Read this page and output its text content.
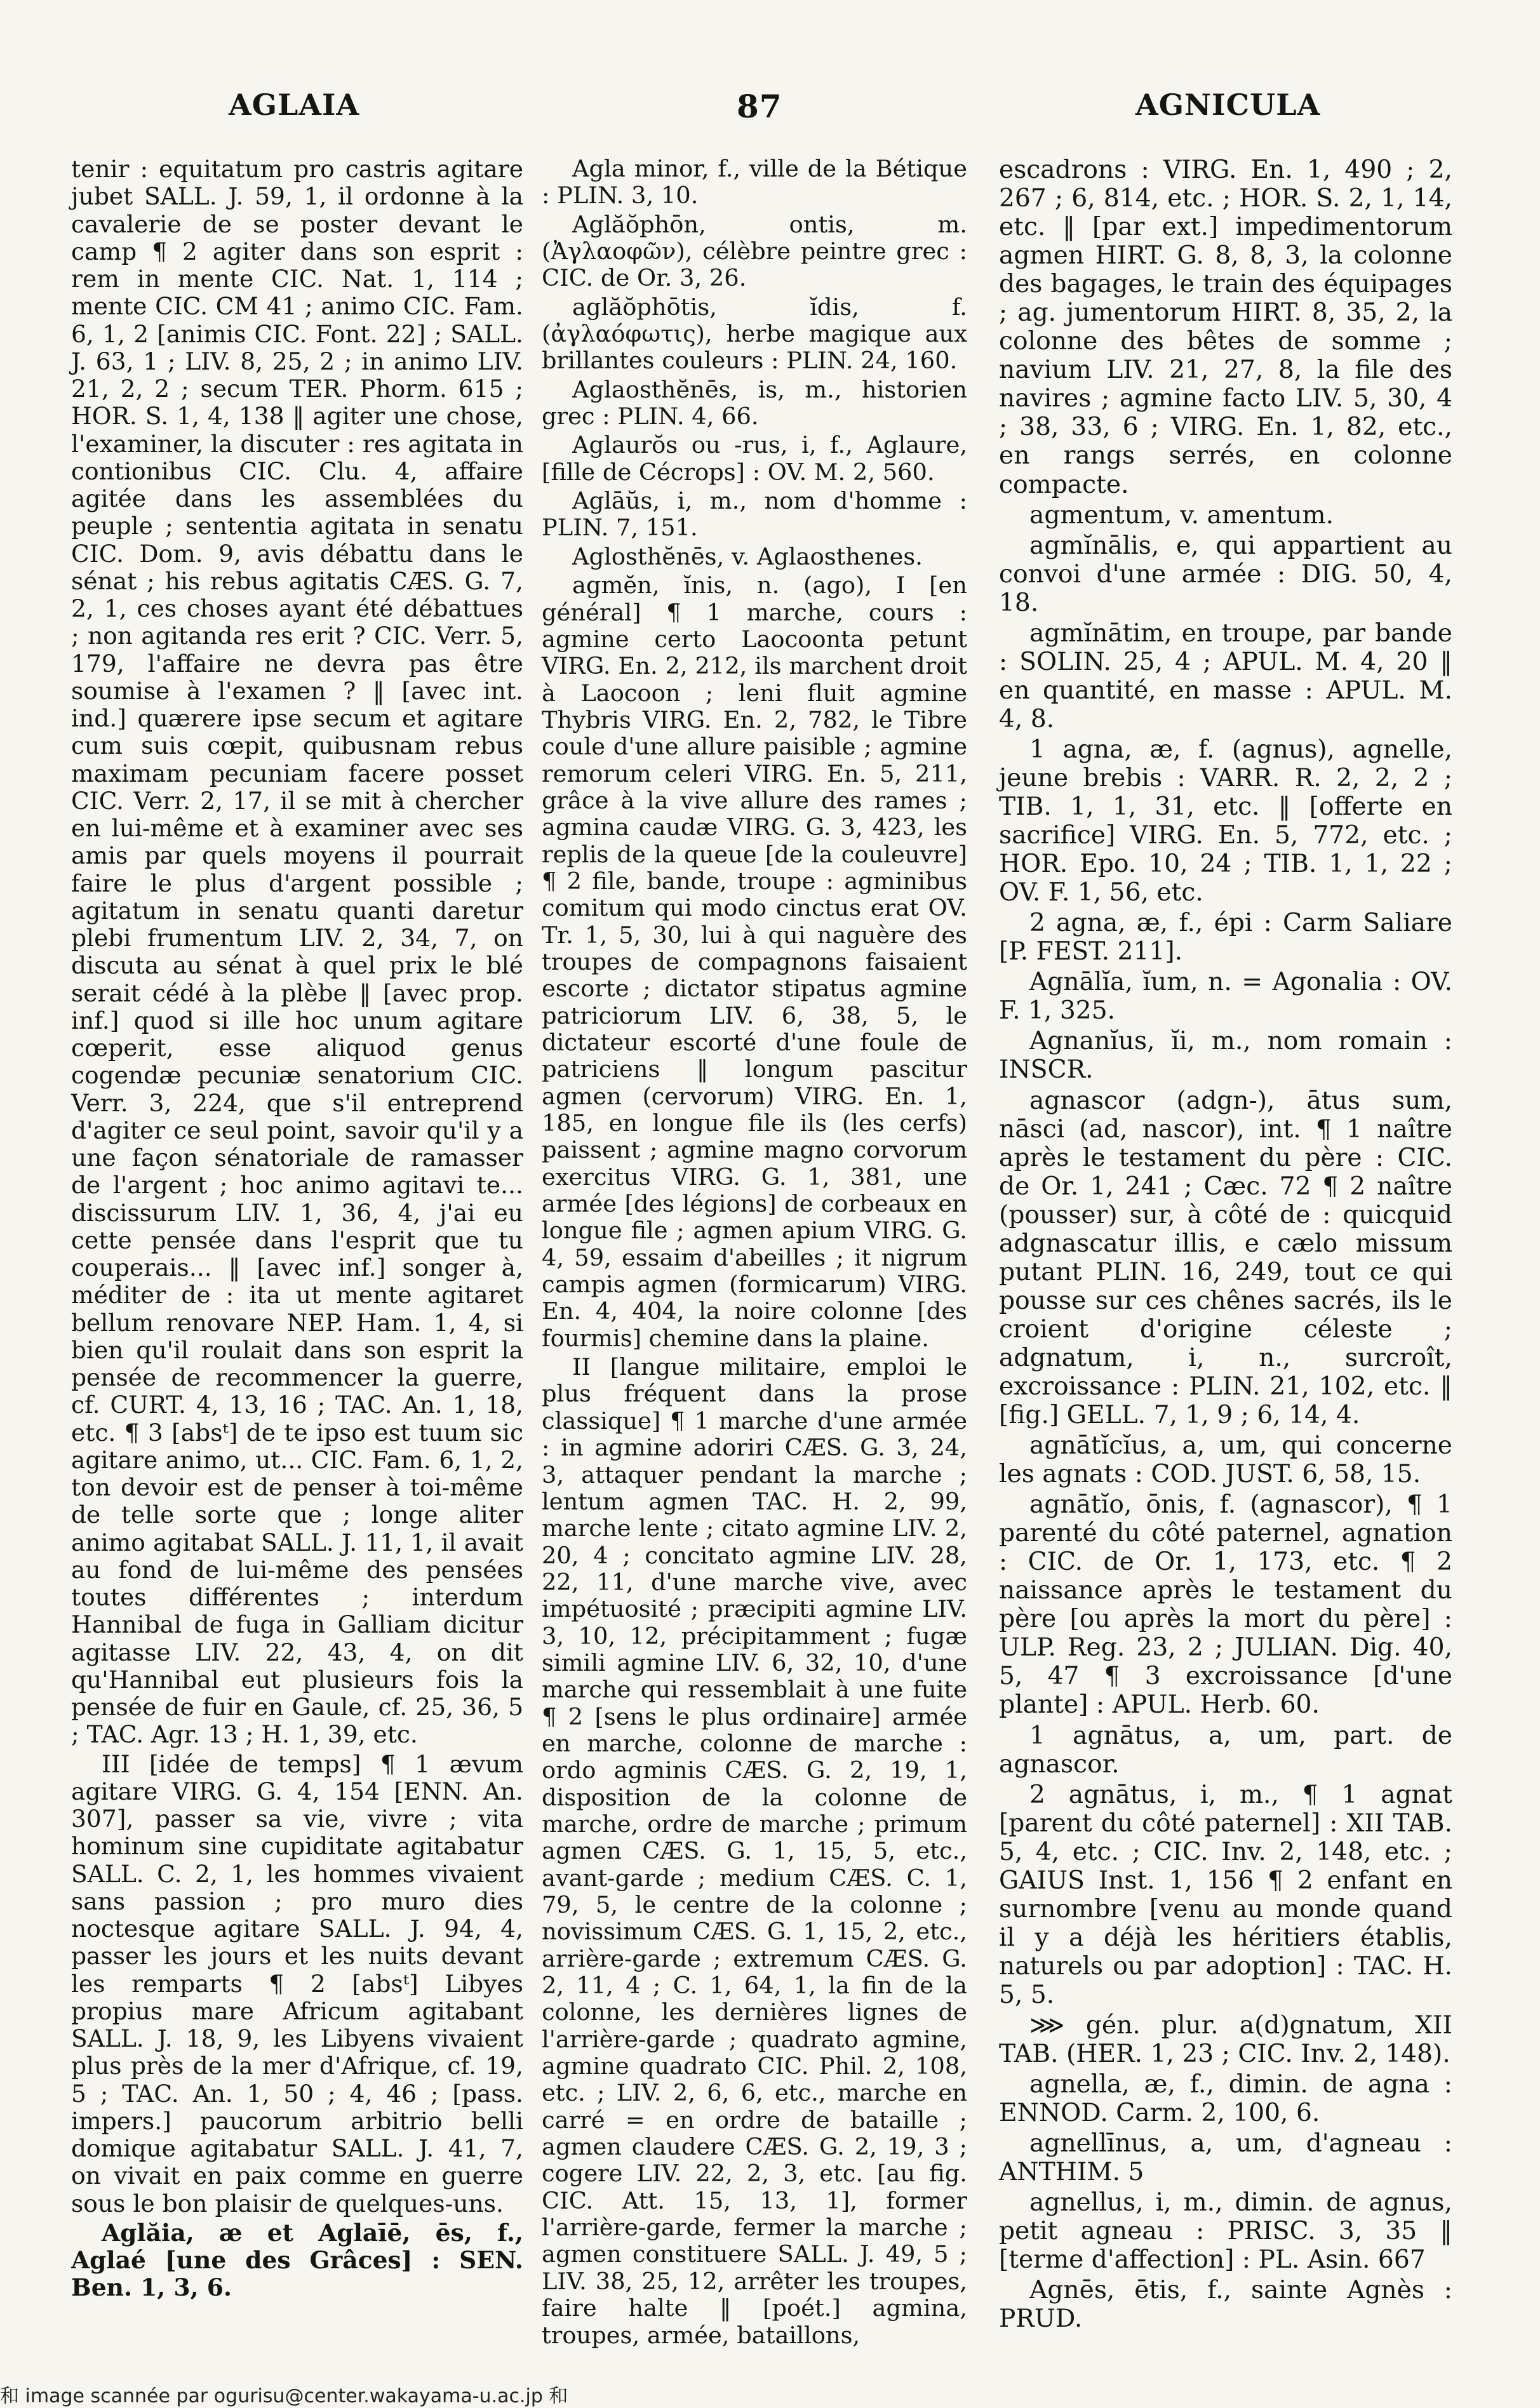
AGLAIA	87	AGNICULA

tenir : equitatum pro castris agitare jubet SALL. J. 59, 1, il ordonne à la cavalerie de se poster devant le camp ¶ 2 agiter dans son esprit : rem in mente CIC. Nat. 1, 114 ; mente CIC. CM 41 ; animo CIC. Fam. 6, 1, 2 [animis CIC. Font. 22] ; SALL. J. 63, 1 ; LIV. 8, 25, 2 ; in animo LIV. 21, 2, 2 ; secum TER. Phorm. 615 ; HOR. S. 1, 4, 138 ‖ agiter une chose, l'examiner, la discuter : res agitata in contionibus CIC. Clu. 4, affaire agitée dans les assemblées du peuple ; sententia agitata in senatu CIC. Dom. 9, avis débattu dans le sénat ; his rebus agitatis CÆS. G. 7, 2, 1, ces choses ayant été débattues ; non agitanda res erit ? CIC. Verr. 5, 179, l'affaire ne devra pas être soumise à l'examen ? ‖ [avec int. ind.] quærere ipse secum et agitare cum suis cœpit, quibusnam rebus maximam pecuniam facere posset CIC. Verr. 2, 17, il se mit à chercher en lui-même et à examiner avec ses amis par quels moyens il pourrait faire le plus d'argent possible ; agitatum in senatu quanti daretur plebi frumentum LIV. 2, 34, 7, on discuta au sénat à quel prix le blé serait cédé à la plèbe ‖ [avec prop. inf.] quod si ille hoc unum agitare cœperit, esse aliquod genus cogendæ pecuniæ senatorium CIC. Verr. 3, 224, que s'il entreprend d'agiter ce seul point, savoir qu'il y a une façon sénatoriale de ramasser de l'argent ; hoc animo agitavi te... discissurum LIV. 1, 36, 4, j'ai eu cette pensée dans l'esprit que tu couperais... ‖ [avec inf.] songer à, méditer de : ita ut mente agitaret bellum renovare NEP. Ham. 1, 4, si bien qu'il roulait dans son esprit la pensée de recommencer la guerre, cf. CURT. 4, 13, 16 ; TAC. An. 1, 18, etc. ¶ 3 [absᵗ] de te ipso est tuum sic agitare animo, ut... CIC. Fam. 6, 1, 2, ton devoir est de penser à toi-même de telle sorte que ; longe aliter animo agitabat SALL. J. 11, 1, il avait au fond de lui-même des pensées toutes différentes ; interdum Hannibal de fuga in Galliam dicitur agitasse LIV. 22, 43, 4, on dit qu'Hannibal eut plusieurs fois la pensée de fuir en Gaule, cf. 25, 36, 5 ; TAC. Agr. 13 ; H. 1, 39, etc.

III [idée de temps] ¶ 1 ævum agitare VIRG. G. 4, 154 [ENN. An. 307], passer sa vie, vivre ; vita hominum sine cupiditate agitabatur SALL. C. 2, 1, les hommes vivaient sans passion ; pro muro dies noctesque agitare SALL. J. 94, 4, passer les jours et les nuits devant les remparts ¶ 2 [absᵗ] Libyes propius mare Africum agitabant SALL. J. 18, 9, les Libyens vivaient plus près de la mer d'Afrique, cf. 19, 5 ; TAC. An. 1, 50 ; 4, 46 ; [pass. impers.] paucorum arbitrio belli domique agitabatur SALL. J. 41, 7, on vivait en paix comme en guerre sous le bon plaisir de quelques-uns.

Aglăia, æ et Aglaīē, ēs, f., Aglaé [une des Grâces] : SEN. Ben. 1, 3, 6.

Agla minor, f., ville de la Bétique : PLIN. 3, 10.

Aglăŏphōn, ontis, m. (Ἀγλαοφῶν), célèbre peintre grec : CIC. de Or. 3, 26.

aglăŏphōtis, ĭdis, f. (ἀγλαόφωτις), herbe magique aux brillantes couleurs : PLIN. 24, 160.

Aglaosthĕnēs, is, m., historien grec : PLIN. 4, 66.

Aglaurŏs ou -rus, i, f., Aglaure, [fille de Cécrops] : OV. M. 2, 560.

Aglāŭs, i, m., nom d'homme : PLIN. 7, 151.

Aglosthĕnēs, v. Aglaosthenes.

agmĕn, ĭnis, n. (ago), I [en général] ¶ 1 marche, cours : agmine certo Laocoonta petunt VIRG. En. 2, 212, ils marchent droit à Laocoon ; leni fluit agmine Thybris VIRG. En. 2, 782, le Tibre coule d'une allure paisible ; agmine remorum celeri VIRG. En. 5, 211, grâce à la vive allure des rames ; agmina caudæ VIRG. G. 3, 423, les replis de la queue [de la couleuvre] ¶ 2 file, bande, troupe : agminibus comitum qui modo cinctus erat OV. Tr. 1, 5, 30, lui à qui naguère des troupes de compagnons faisaient escorte ; dictator stipatus agmine patriciorum LIV. 6, 38, 5, le dictateur escorté d'une foule de patriciens ‖ longum pascitur agmen (cervorum) VIRG. En. 1, 185, en longue file ils (les cerfs) paissent ; agmine magno corvorum exercitus VIRG. G. 1, 381, une armée [des légions] de corbeaux en longue file ; agmen apium VIRG. G. 4, 59, essaim d'abeilles ; it nigrum campis agmen (formicarum) VIRG. En. 4, 404, la noire colonne [des fourmis] chemine dans la plaine.

II [langue militaire, emploi le plus fréquent dans la prose classique] ¶ 1 marche d'une armée : in agmine adoriri CÆS. G. 3, 24, 3, attaquer pendant la marche ; lentum agmen TAC. H. 2, 99, marche lente ; citato agmine LIV. 2, 20, 4 ; concitato agmine LIV. 28, 22, 11, d'une marche vive, avec impétuosité ; præcipiti agmine LIV. 3, 10, 12, précipitamment ; fugæ simili agmine LIV. 6, 32, 10, d'une marche qui ressemblait à une fuite ¶ 2 [sens le plus ordinaire] armée en marche, colonne de marche : ordo agminis CÆS. G. 2, 19, 1, disposition de la colonne de marche, ordre de marche ; primum agmen CÆS. G. 1, 15, 5, etc., avant-garde ; medium CÆS. C. 1, 79, 5, le centre de la colonne ; novissimum CÆS. G. 1, 15, 2, etc., arrière-garde ; extremum CÆS. G. 2, 11, 4 ; C. 1, 64, 1, la fin de la colonne, les dernières lignes de l'arrière-garde ; quadrato agmine, agmine quadrato CIC. Phil. 2, 108, etc. ; LIV. 2, 6, 6, etc., marche en carré = en ordre de bataille ; agmen claudere CÆS. G. 2, 19, 3 ; cogere LIV. 22, 2, 3, etc. [au fig. CIC. Att. 15, 13, 1], former l'arrière-garde, fermer la marche ; agmen constituere SALL. J. 49, 5 ; LIV. 38, 25, 12, arrêter les troupes, faire halte ‖ [poét.] agmina, troupes, armée, bataillons,

escadrons : VIRG. En. 1, 490 ; 2, 267 ; 6, 814, etc. ; HOR. S. 2, 1, 14, etc. ‖ [par ext.] impedimentorum agmen HIRT. G. 8, 8, 3, la colonne des bagages, le train des équipages ; ag. jumentorum HIRT. 8, 35, 2, la colonne des bêtes de somme ; navium LIV. 21, 27, 8, la file des navires ; agmine facto LIV. 5, 30, 4 ; 38, 33, 6 ; VIRG. En. 1, 82, etc., en rangs serrés, en colonne compacte.

agmentum, v. amentum.

agmĭnālis, e, qui appartient au convoi d'une armée : DIG. 50, 4, 18.

agmĭnātim, en troupe, par bande : SOLIN. 25, 4 ; APUL. M. 4, 20 ‖ en quantité, en masse : APUL. M. 4, 8.

1 agna, æ, f. (agnus), agnelle, jeune brebis : VARR. R. 2, 2, 2 ; TIB. 1, 1, 31, etc. ‖ [offerte en sacrifice] VIRG. En. 5, 772, etc. ; HOR. Epo. 10, 24 ; TIB. 1, 1, 22 ; OV. F. 1, 56, etc.

2 agna, æ, f., épi : Carm Saliare [P. FEST. 211].

Agnālĭa, ĭum, n. = Agonalia : OV. F. 1, 325.

Agnanĭus, ĭi, m., nom romain : INSCR.

agnascor (adgn-), ātus sum, nāsci (ad, nascor), int. ¶ 1 naître après le testament du père : CIC. de Or. 1, 241 ; Cæc. 72 ¶ 2 naître (pousser) sur, à côté de : quicquid adgnascatur illis, e cælo missum putant PLIN. 16, 249, tout ce qui pousse sur ces chênes sacrés, ils le croient d'origine céleste ; adgnatum, i, n., surcroît, excroissance : PLIN. 21, 102, etc. ‖ [fig.] GELL. 7, 1, 9 ; 6, 14, 4.

agnātĭcĭus, a, um, qui concerne les agnats : COD. JUST. 6, 58, 15.

agnātĭo, ōnis, f. (agnascor), ¶ 1 parenté du côté paternel, agnation : CIC. de Or. 1, 173, etc. ¶ 2 naissance après le testament du père [ou après la mort du père] : ULP. Reg. 23, 2 ; JULIAN. Dig. 40, 5, 47 ¶ 3 excroissance [d'une plante] : APUL. Herb. 60.

1 agnātus, a, um, part. de agnascor.

2 agnātus, i, m., ¶ 1 agnat [parent du côté paternel] : XII TAB. 5, 4, etc. ; CIC. Inv. 2, 148, etc. ; GAIUS Inst. 1, 156 ¶ 2 enfant en surnombre [venu au monde quand il y a déjà les héritiers établis, naturels ou par adoption] : TAC. H. 5, 5.

⋙ gén. plur. a(d)gnatum, XII TAB. (HER. 1, 23 ; CIC. Inv. 2, 148).

agnella, æ, f., dimin. de agna : ENNOD. Carm. 2, 100, 6.

agnellīnus, a, um, d'agneau : ANTHIM. 5

agnellus, i, m., dimin. de agnus, petit agneau : PRISC. 3, 35 ‖ [terme d'affection] : PL. Asin. 667

Agnēs, ētis, f., sainte Agnès : PRUD.

和 image scannée par ogurisu@center.wakayama-u.ac.jp 和
